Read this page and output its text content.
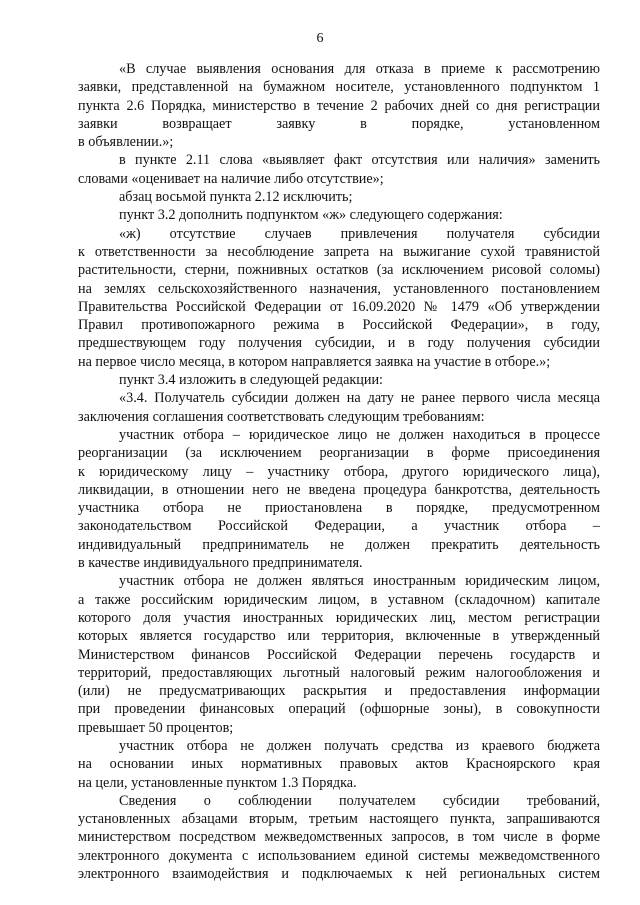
6
«В случае выявления основания для отказа в приеме к рассмотрению
заявки, представленной на бумажном носителе, установленного подпунктом 1
пункта 2.6 Порядка, министерство в течение 2 рабочих дней со дня регистрации
заявки возвращает заявку в порядке, установленном
в объявлении.»;
в пункте 2.11 слова «выявляет факт отсутствия или наличия» заменить
словами «оценивает на наличие либо отсутствие»;
абзац восьмой пункта 2.12 исключить;
пункт 3.2 дополнить подпунктом «ж» следующего содержания:
«ж) отсутствие случаев привлечения получателя субсидии
к ответственности за несоблюдение запрета на выжигание сухой травянистой
растительности, стерни, пожнивных остатков (за исключением рисовой соломы)
на землях сельскохозяйственного назначения, установленного постановлением
Правительства Российской Федерации от 16.09.2020 № 1479 «Об утверждении
Правил противопожарного режима в Российской Федерации», в году,
предшествующем году получения субсидии, и в году получения субсидии
на первое число месяца, в котором направляется заявка на участие в отборе.»;
пункт 3.4 изложить в следующей редакции:
«3.4. Получатель субсидии должен на дату не ранее первого числа месяца
заключения соглашения соответствовать следующим требованиям:
участник отбора – юридическое лицо не должен находиться в процессе
реорганизации (за исключением реорганизации в форме присоединения
к юридическому лицу – участнику отбора, другого юридического лица),
ликвидации, в отношении него не введена процедура банкротства, деятельность
участника отбора не приостановлена в порядке, предусмотренном
законодательством Российской Федерации, а участник отбора –
индивидуальный предприниматель не должен прекратить деятельность
в качестве индивидуального предпринимателя.
участник отбора не должен являться иностранным юридическим лицом,
а также российским юридическим лицом, в уставном (складочном) капитале
которого доля участия иностранных юридических лиц, местом регистрации
которых является государство или территория, включенные в утвержденный
Министерством финансов Российской Федерации перечень государств и
территорий, предоставляющих льготный налоговый режим налогообложения и
(или) не предусматривающих раскрытия и предоставления информации
при проведении финансовых операций (офшорные зоны), в совокупности
превышает 50 процентов;
участник отбора не должен получать средства из краевого бюджета
на основании иных нормативных правовых актов Красноярского края
на цели, установленные пунктом 1.3 Порядка.
Сведения о соблюдении получателем субсидии требований,
установленных абзацами вторым, третьим настоящего пункта, запрашиваются
министерством посредством межведомственных запросов, в том числе в форме
электронного документа с использованием единой системы межведомственного
электронного взаимодействия и подключаемых к ней региональных систем
